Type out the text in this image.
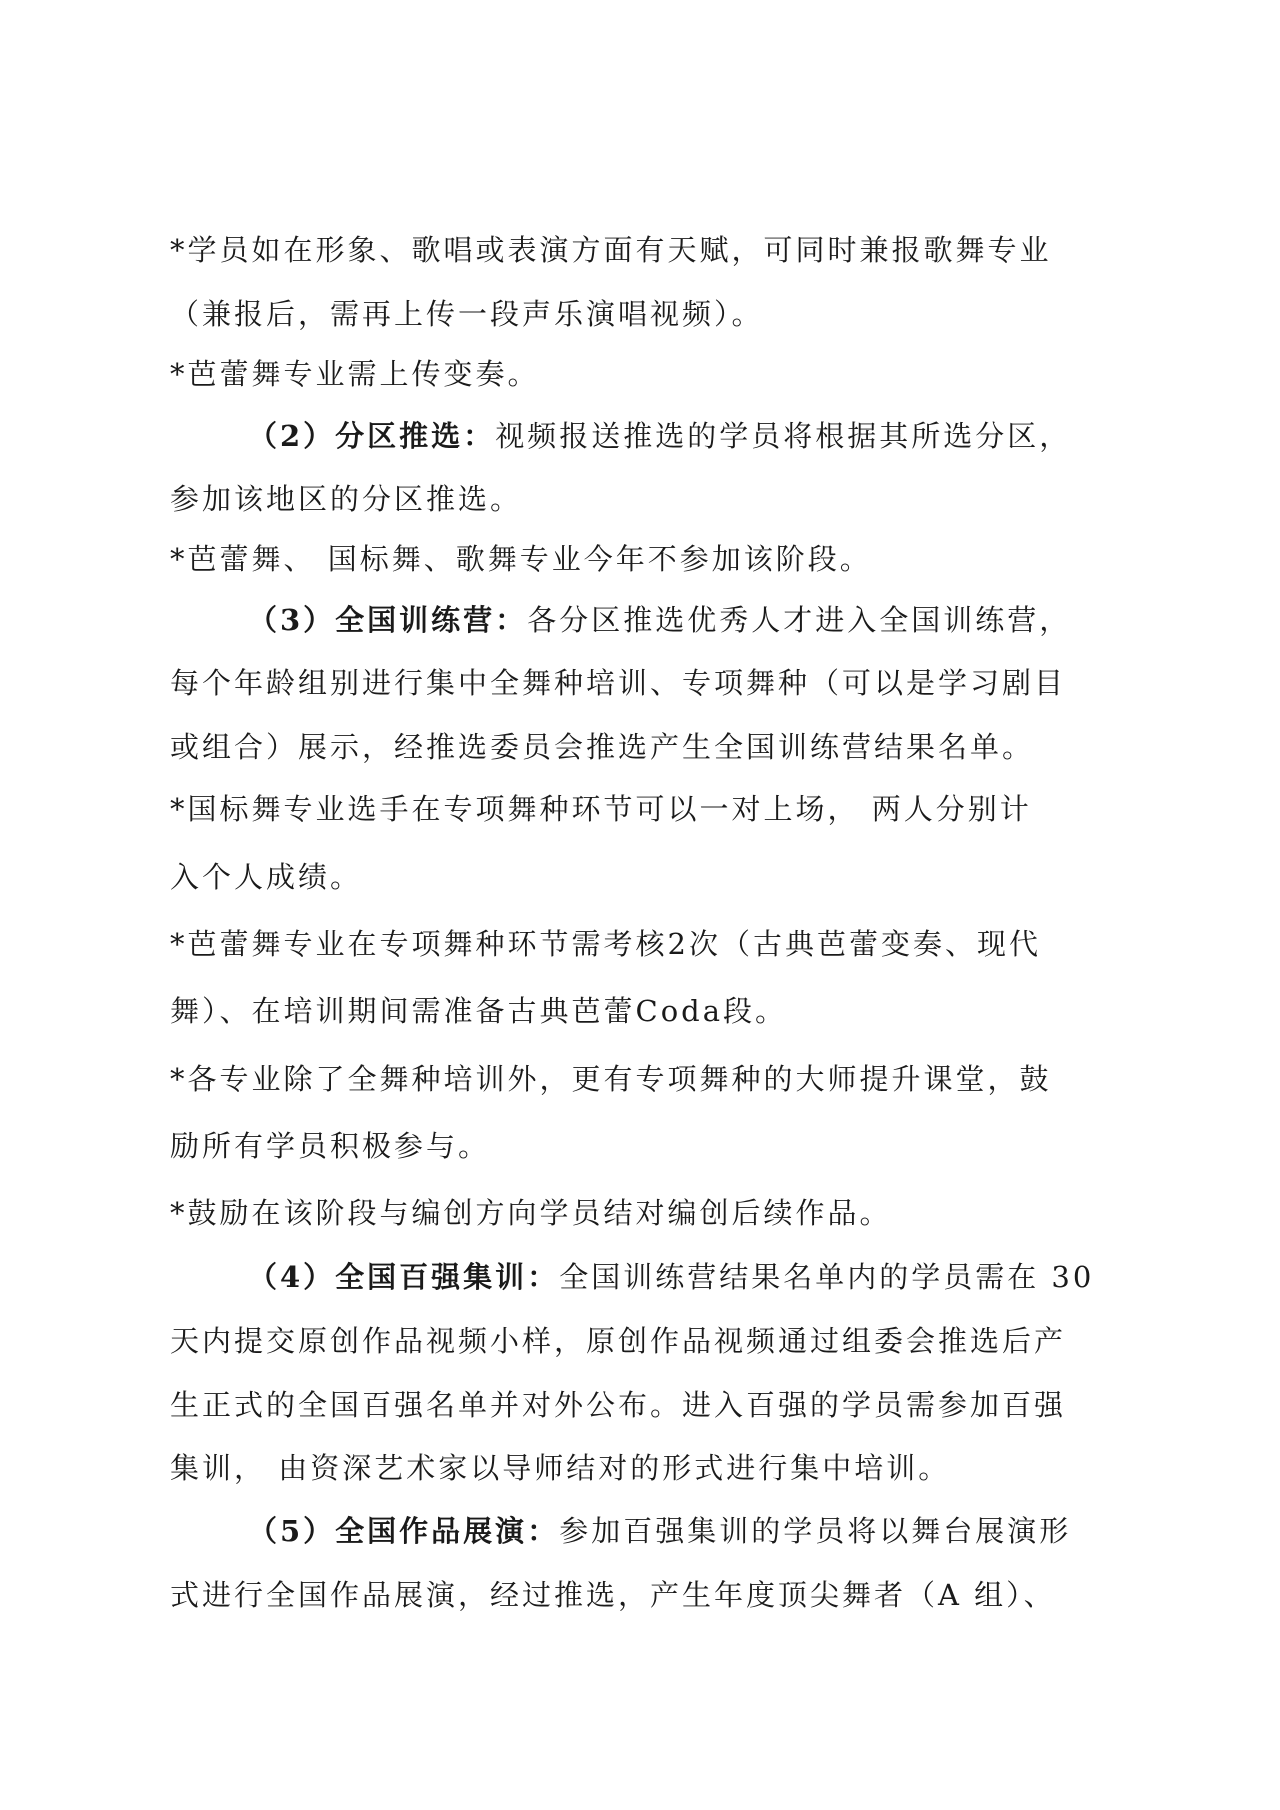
*学员如在形象、歌唱或表演方面有天赋，可同时兼报歌舞专业
（兼报后，需再上传一段声乐演唱视频）。
*芭蕾舞专业需上传变奏。
（2）分区推选：视频报送推选的学员将根据其所选分区，
参加该地区的分区推选。
*芭蕾舞、 国标舞、歌舞专业今年不参加该阶段。
（3）全国训练营：各分区推选优秀人才进入全国训练营，
每个年龄组别进行集中全舞种培训、专项舞种（可以是学习剧目
或组合）展示，经推选委员会推选产生全国训练营结果名单。
*国标舞专业选手在专项舞种环节可以一对上场， 两人分别计
入个人成绩。
*芭蕾舞专业在专项舞种环节需考核2次（古典芭蕾变奏、现代
舞）、在培训期间需准备古典芭蕾Coda段。
*各专业除了全舞种培训外，更有专项舞种的大师提升课堂，鼓
励所有学员积极参与。
*鼓励在该阶段与编创方向学员结对编创后续作品。
（4）全国百强集训：全国训练营结果名单内的学员需在 30
天内提交原创作品视频小样，原创作品视频通过组委会推选后产
生正式的全国百强名单并对外公布。进入百强的学员需参加百强
集训， 由资深艺术家以导师结对的形式进行集中培训。
（5）全国作品展演：参加百强集训的学员将以舞台展演形
式进行全国作品展演，经过推选，产生年度顶尖舞者（A 组）、
